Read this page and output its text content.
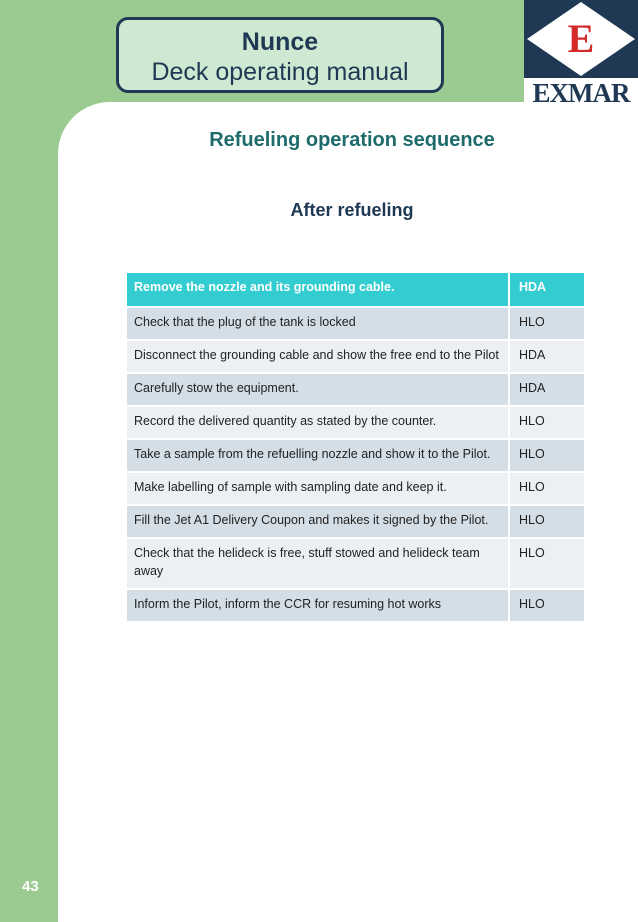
Nunce
Deck operating manual
E
EXMAR
Refueling operation sequence
After refueling
Remove the nozzle and its grounding cable.	HDA
Check that the plug of the tank is locked	HLO
Disconnect the grounding cable and show the free end to the Pilot	HDA
Carefully stow the equipment.	HDA
Record the delivered quantity as stated by the counter.	HLO
Take a sample from the refuelling nozzle and show it to the Pilot.	HLO
Make labelling of sample with sampling date and keep it.	HLO
Fill the Jet A1 Delivery Coupon and makes it signed by the Pilot.	HLO
Check that the helideck is free, stuff stowed and helideck team away	HLO
Inform the Pilot, inform the CCR for resuming hot works	HLO
43
